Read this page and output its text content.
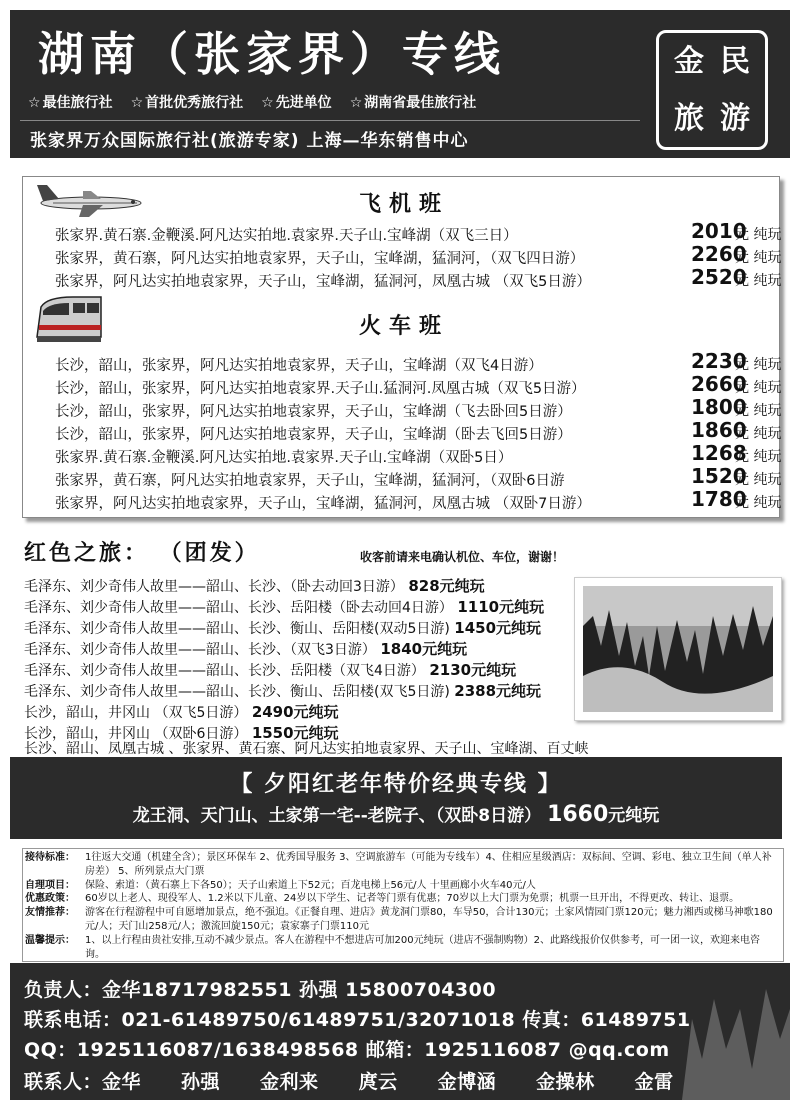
湖南（张家界）专线
☆ 最佳旅行社	☆ 首批优秀旅行社	☆ 先进单位	☆ 湖南省最佳旅行社
张家界万众国际旅行社(旅游专家) 上海—华东销售中心
金 民
旅 游
飞机班
张家界.黄石寨.金鞭溪.阿凡达实拍地.袁家界.天子山.宝峰湖（双飞三日）	2010
元 纯玩
张家界，黄石寨，阿凡达实拍地袁家界，天子山，宝峰湖，猛洞河，（双飞四日游）	2260
元 纯玩
张家界，阿凡达实拍地袁家界，天子山，宝峰湖，猛洞河，凤凰古城 （双飞5日游）	2520
元 纯玩
火车班
长沙，韶山，张家界，阿凡达实拍地袁家界，天子山，宝峰湖（双飞4日游）	2230
元 纯玩
长沙，韶山，张家界，阿凡达实拍地袁家界.天子山.猛洞河.凤凰古城（双飞5日游）	2660
元 纯玩
长沙，韶山，张家界，阿凡达实拍地袁家界，天子山，宝峰湖（飞去卧回5日游）	1800
元 纯玩
长沙，韶山，张家界，阿凡达实拍地袁家界，天子山，宝峰湖（卧去飞回5日游）	1860
元 纯玩
张家界.黄石寨.金鞭溪.阿凡达实拍地.袁家界.天子山.宝峰湖（双卧5日）	1268
元 纯玩
张家界，黄石寨，阿凡达实拍地袁家界，天子山，宝峰湖，猛洞河，（双卧6日游	1520
元 纯玩
张家界，阿凡达实拍地袁家界，天子山，宝峰湖，猛洞河，凤凰古城 （双卧7日游）	1780
元 纯玩
红色之旅： （团发）	收客前请来电确认机位、车位，谢谢！
毛泽东、刘少奇伟人故里——韶山、长沙、（卧去动回3日游） 828元纯玩
毛泽东、刘少奇伟人故里——韶山、长沙、岳阳楼（卧去动回4日游） 1110元纯玩
毛泽东、刘少奇伟人故里——韶山、长沙、衡山、岳阳楼(双动5日游) 1450元纯玩
毛泽东、刘少奇伟人故里——韶山、长沙、（双飞3日游） 1840元纯玩
毛泽东、刘少奇伟人故里——韶山、长沙、岳阳楼（双飞4日游） 2130元纯玩
毛泽东、刘少奇伟人故里——韶山、长沙、衡山、岳阳楼(双飞5日游) 2388元纯玩
长沙，韶山，井冈山 （双飞5日游） 2490元纯玩
长沙，韶山，井冈山 （双卧6日游） 1550元纯玩
长沙、韶山、凤凰古城 、张家界、黄石寨、阿凡达实拍地袁家界、天子山、宝峰湖、百丈峡
【 夕阳红老年特价经典专线 】
龙王洞、天门山、土家第一宅--老院子、（双卧8日游） 1660元纯玩
接待标准：	1往返大交通（机建全含）；景区环保车 2、优秀国导服务 3、空调旅游车（可能为专线车）4、住相应星级酒店：双标间、空调、彩电、独立卫生间（单人补房差） 5、所列景点大门票
自理项目：	保险、索道：（黄石寨上下各50）；天子山索道上下52元；百龙电梯上56元/人 十里画廊小火车40元/人
优惠政策：	60岁以上老人、现役军人、1.2米以下儿童、24岁以下学生、记者等门票有优惠；70岁以上大门票为免票；机票一旦开出，不得更改、转让、退票。
友情推荐：	游客在行程游程中可自愿增加景点，绝不强迫。《正餐自理、进店》黄龙洞门票80，车导50，合计130元；土家风情园门票120元；魅力湘西或梯马神歌180元/人；天门山258元/人；激流回旋150元；袁家寨子门票110元
温馨提示：	1、以上行程由贵社安排,互动不减少景点。客人在游程中不想进店可加200元纯玩（进店不强制购物）2、此路线报价仅供参考，可一团一议，欢迎来电咨询。
负责人：金华18717982551 孙强 15800704300
联系电话：021-61489750/61489751/32071018 传真：61489751
QQ：1925116087/1638498568 邮箱：1925116087 @qq.com
联系人：金华 孙强 金利来 庹云 金博涵 金操林 金雷
